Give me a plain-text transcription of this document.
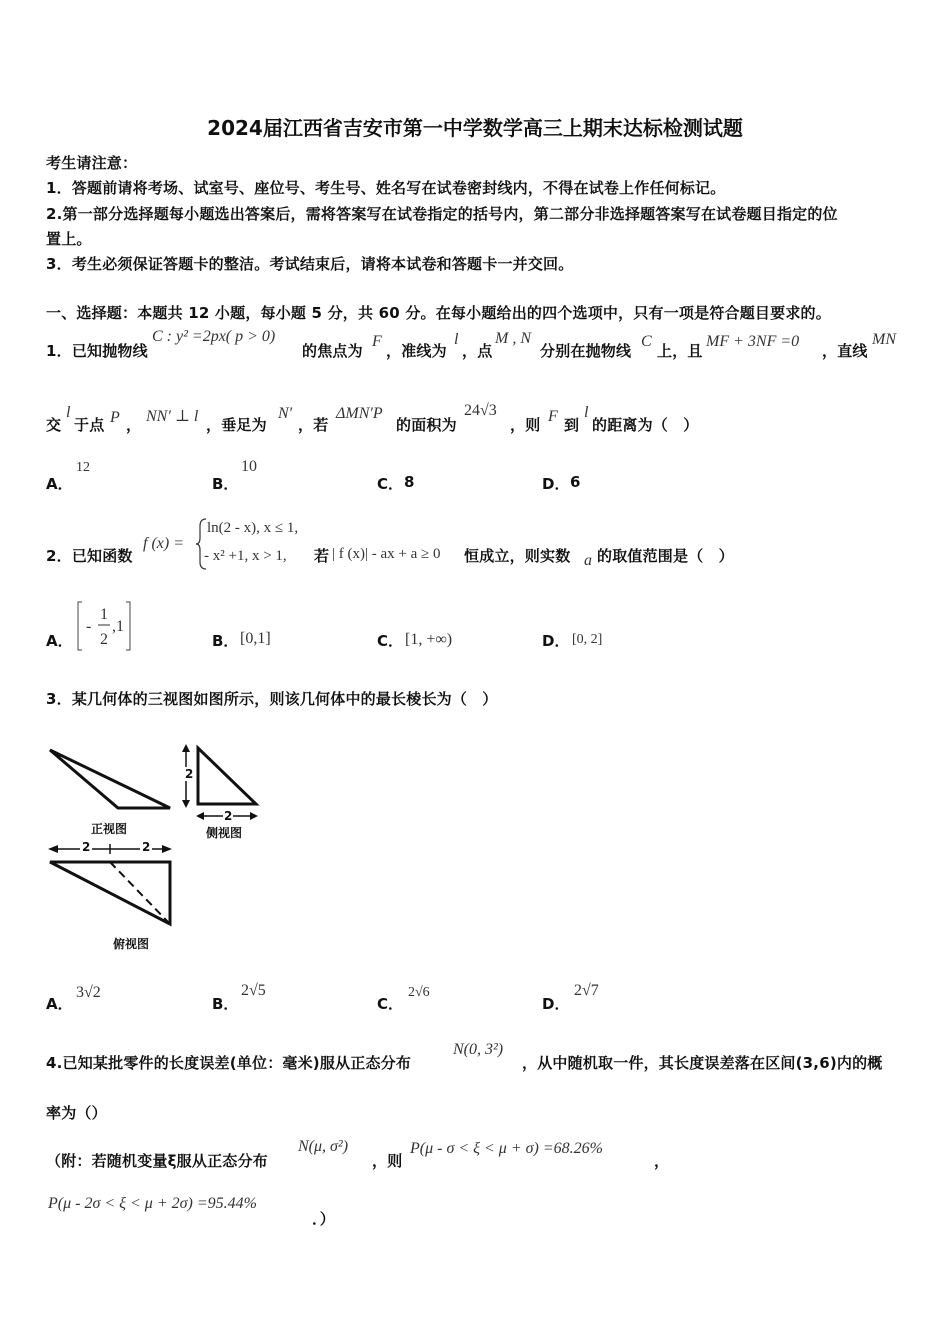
2024届江西省吉安市第一中学数学高三上期末达标检测试题
考生请注意：
1．答题前请将考场、试室号、座位号、考生号、姓名写在试卷密封线内，不得在试卷上作任何标记。
2.第一部分选择题每小题选出答案后，需将答案写在试卷指定的括号内，第二部分非选择题答案写在试卷题目指定的位
置上。
3．考生必须保证答题卡的整洁。考试结束后，请将本试卷和答题卡一并交回。
一、选择题：本题共 12 小题，每小题 5 分，共 60 分。在每小题给出的四个选项中，只有一项是符合题目要求的。
1．已知抛物线
C : y² =2px( p > 0)
的焦点为
F
，准线为
l
，点
M , N
分别在抛物线
C
上，且
MF + 3NF =0
，直线
MN
交
l
于点 P ， NN′ ⊥ l ，垂足为
N′
，若
ΔMN′P
的面积为
24√3
，则 F 到
l
的距离为（　）
A．
12
B．
10
C． 8	D． 6
2．已知函数
f (x) =
ln(2 - x), x ≤ 1,
- x² +1, x > 1, 若 | f (x)| - ax + a ≥ 0 恒成立，则实数 a 的取值范围是（　）
A．
-
1
2
,1
B． [0,1]	C． [1, +∞)	D． [0, 2]
3．某几何体的三视图如图所示，则该几何体中的最长棱长为（　）
2
2
正视图	侧视图
2	2
俯视图
A．
3√2
B．
2√5
C．
2√6
D．
2√7
4.已知某批零件的长度误差(单位：毫米)服从正态分布
N(0, 3²)
，从中随机取一件，其长度误差落在区间(3,6)内的概
率为（）
（附：若随机变量ξ服从正态分布
N(μ, σ²)
，则
P(μ - σ < ξ < μ + σ) =68.26%
，
P(μ - 2σ < ξ < μ + 2σ) =95.44%
．）
